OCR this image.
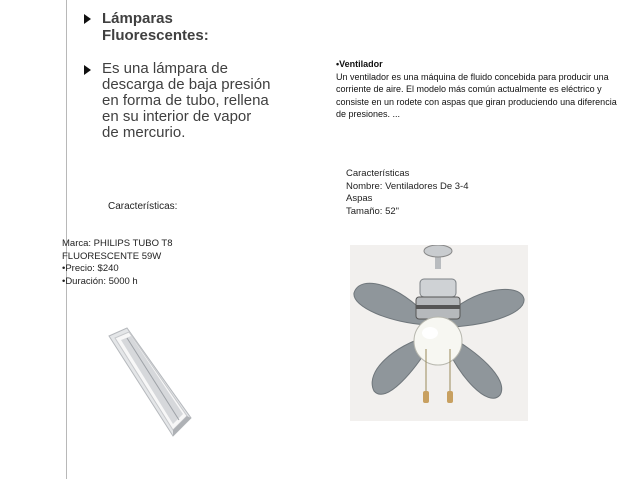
Lámparas Fluorescentes:
Es una lámpara de descarga de baja presión en forma de tubo, rellena en su interior de vapor de mercurio.
Características:
Marca: PHILIPS TUBO T8 FLUORESCENTE 59W
•Precio: $240
•Duración: 5000 h
•Ventilador
Un ventilador es una máquina de fluido concebida para producir una corriente de aire. El modelo más común actualmente es eléctrico y consiste en un rodete con aspas que giran produciendo una diferencia de presiones. ...
Características
Nombre: Ventiladores De 3-4 Aspas
Tamaño: 52"
